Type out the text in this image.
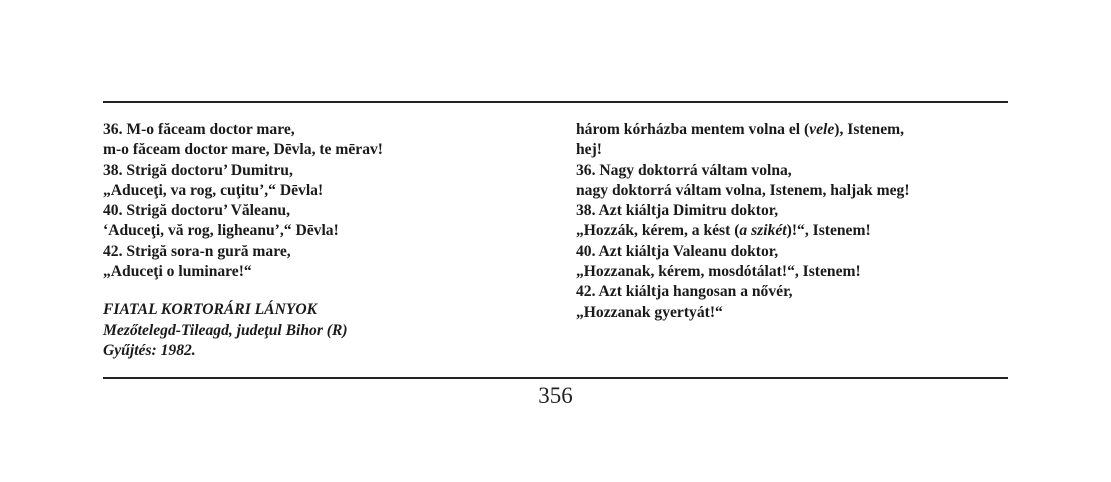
36. M-o făceam doctor mare,
m-o făceam doctor mare, Dēvla, te mērav!
38. Strigă doctoru’ Dumitru,
„Aduceţi, va rog, cuţitu’,“ Dēvla!
40. Strigă doctoru’ Văleanu,
‘Aduceţi, vă rog, ligheanu’,“ Dēvla!
42. Strigă sora-n gură mare,
„Aduceţi o luminare!“
FIATAL KORTORÁRI LÁNYOK
Mezőtelegd-Tileagd, judeţul Bihor (R)
Gyűjtés: 1982.
három kórházba mentem volna el (vele), Istenem,
hej!
36. Nagy doktorrá váltam volna,
nagy doktorrá váltam volna, Istenem, haljak meg!
38. Azt kiáltja Dimitru doktor,
„Hozzák, kérem, a kést (a szikét)!“, Istenem!
40. Azt kiáltja Valeanu doktor,
„Hozzanak, kérem, mosdótálat!“, Istenem!
42. Azt kiáltja hangosan a nővér,
„Hozzanak gyertyát!“
356
